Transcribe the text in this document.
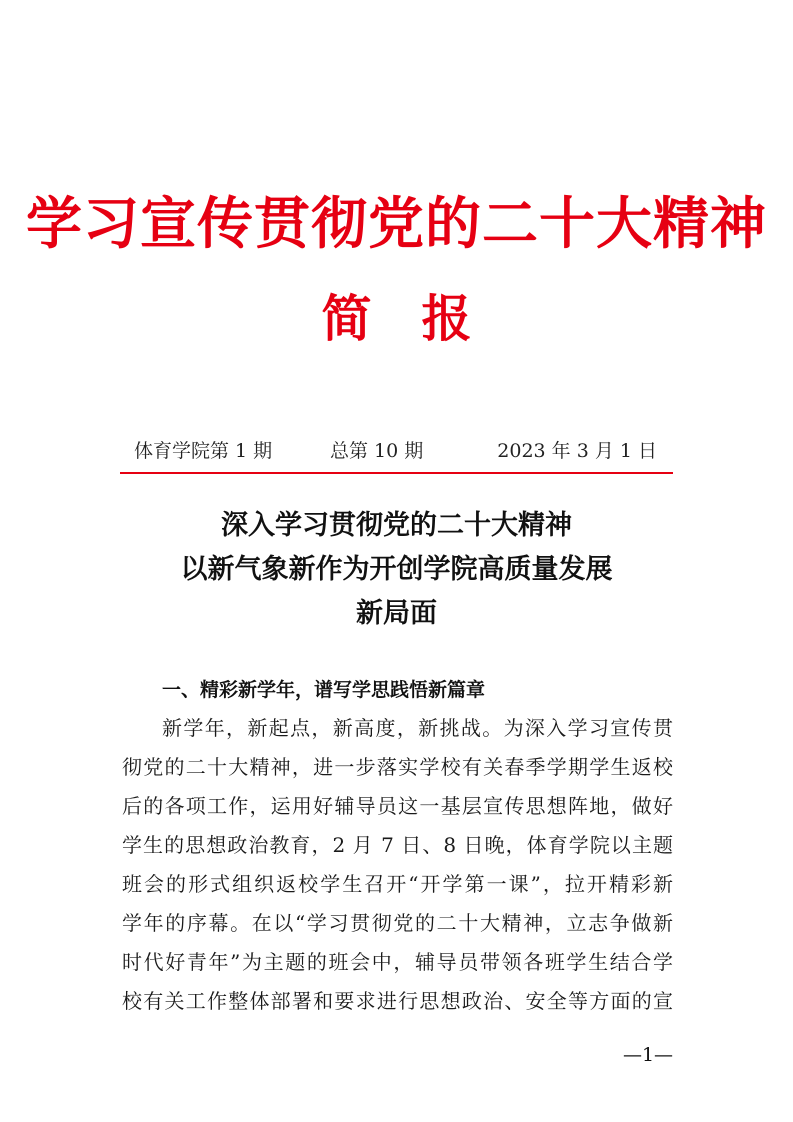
学习宣传贯彻党的二十大精神
简　报
体育学院第 1 期	总第 10 期	2023 年 3 月 1 日
深入学习贯彻党的二十大精神
以新气象新作为开创学院高质量发展
新局面
一、精彩新学年，谱写学思践悟新篇章
新学年，新起点，新高度，新挑战。为深入学习宣传贯
彻党的二十大精神，进一步落实学校有关春季学期学生返校
后的各项工作，运用好辅导员这一基层宣传思想阵地，做好
学生的思想政治教育，2 月 7 日、8 日晚，体育学院以主题
班会的形式组织返校学生召开“开学第一课”，拉开精彩新
学年的序幕。在以“学习贯彻党的二十大精神，立志争做新
时代好青年”为主题的班会中，辅导员带领各班学生结合学
校有关工作整体部署和要求进行思想政治、安全等方面的宣
—1—
